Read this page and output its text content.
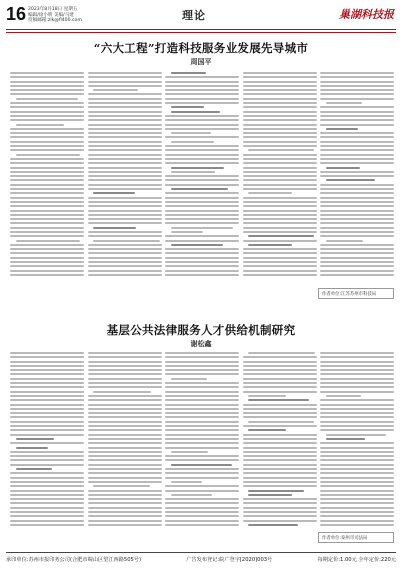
16 2023年8月18日 星期五
编辑/徐小明 美编/马建
投稿邮箱:zlk@fl400.com	理论	巢湖科技报
“六大工程”打造科技服务业发展先导城市
周国平
作者单位:江苏苏州市科技局
基层公共法律服务人才供给机制研究
谢松鑫
作者单位:泰州市司法局
承印单位:苏州市报印务公司(合肥市蜀山区望江西路505号)	广告发布登记:皖广登字[2020]003号	每期定价:1.00元 全年定价:220元
